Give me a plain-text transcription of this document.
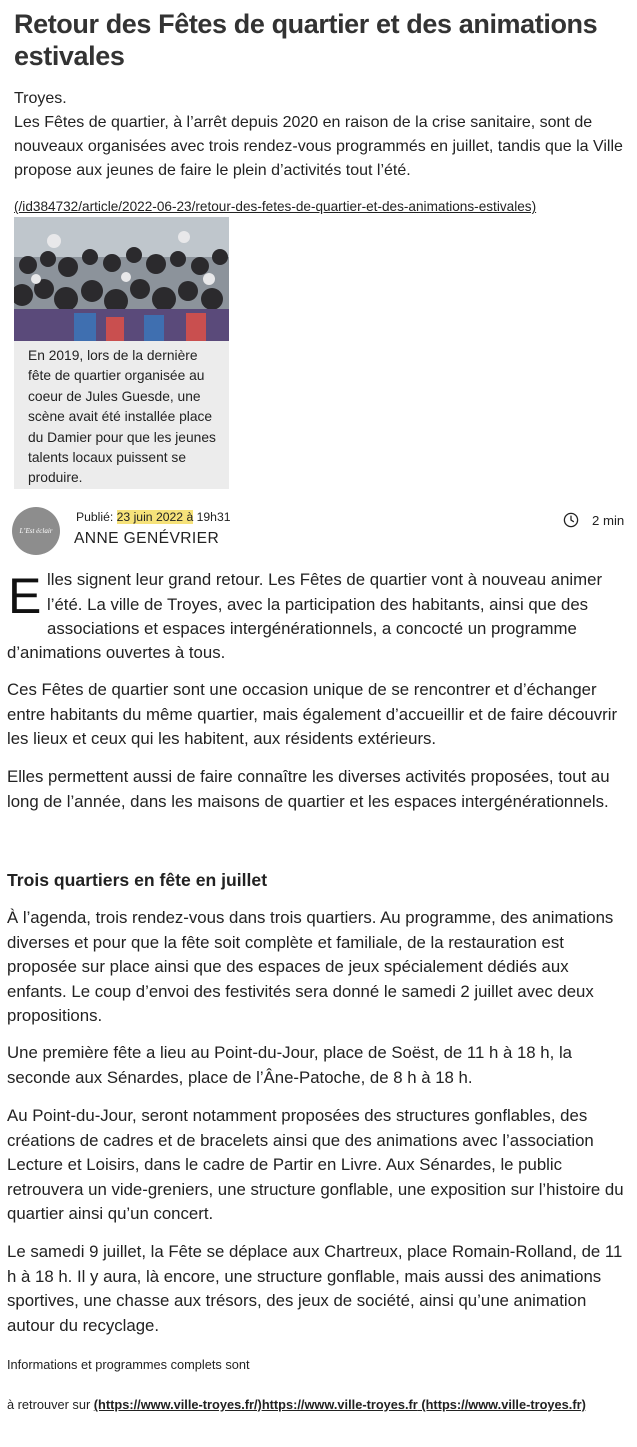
Retour des Fêtes de quartier et des animations estivales
Troyes.

Les Fêtes de quartier, à l’arrêt depuis 2020 en raison de la crise sanitaire, sont de nouveaux organisées avec trois rendez-vous programmés en juillet, tandis que la Ville propose aux jeunes de faire le plein d’activités tout l’été.

(/id384732/article/2022-06-23/retour-des-fetes-de-quartier-et-des-animations-estivales)

En 2019, lors de la dernière fête de quartier organisée au coeur de Jules Guesde, une scène avait été installée place du Damier pour que les jeunes talents locaux puissent se produire.

L’Est éclair
Publié: 23 juin 2022 à 19h31
ANNE GENÉVRIER
2 min
E lles signent leur grand retour. Les Fêtes de quartier vont à nouveau animer l’été. La ville de Troyes, avec la participation des habitants, ainsi que des associations et espaces intergénérationnels, a concocté un programme

d’animations ouvertes à tous.

Ces Fêtes de quartier sont une occasion unique de se rencontrer et d’échanger entre habitants du même quartier, mais également d’accueillir et de faire découvrir les lieux et ceux qui les habitent, aux résidents extérieurs.

Elles permettent aussi de faire connaître les diverses activités proposées, tout au long de l’année, dans les maisons de quartier et les espaces intergénérationnels.

Trois quartiers en fête en juillet

À l’agenda, trois rendez-vous dans trois quartiers. Au programme, des animations diverses et pour que la fête soit complète et familiale, de la restauration est proposée sur place ainsi que des espaces de jeux spécialement dédiés aux enfants. Le coup d’envoi des festivités sera donné le samedi 2 juillet avec deux propositions.

Une première fête a lieu au Point-du-Jour, place de Soëst, de 11 h à 18 h, la seconde aux Sénardes, place de l’Âne-Patoche, de 8 h à 18 h.

Au Point-du-Jour, seront notamment proposées des structures gonflables, des créations de cadres et de bracelets ainsi que des animations avec l’association Lecture et Loisirs, dans le cadre de Partir en Livre. Aux Sénardes, le public retrouvera un vide-greniers, une structure gonflable, une exposition sur l’histoire du quartier ainsi qu’un concert.

Le samedi 9 juillet, la Fête se déplace aux Chartreux, place Romain-Rolland, de 11 h à 18 h. Il y aura, là encore, une structure gonflable, mais aussi des animations sportives, une chasse aux trésors, des jeux de société, ainsi qu’une animation autour du recyclage.

Informations et programmes complets sont

à retrouver sur (https://www.ville-troyes.fr/)https://www.ville-troyes.fr (https://www.ville-troyes.fr)
